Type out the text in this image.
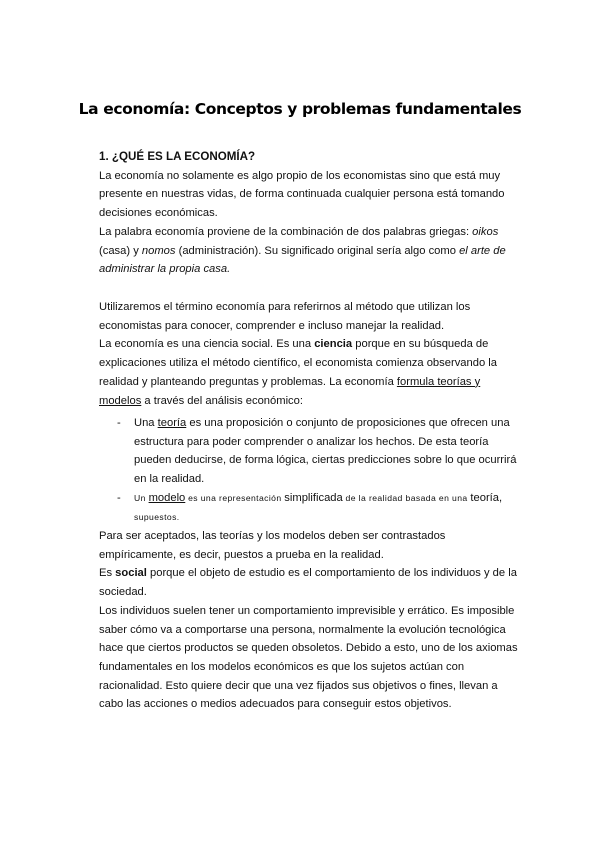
La economía: Conceptos y problemas fundamentales
1. ¿QUÉ ES LA ECONOMÍA?

La economía no solamente es algo propio de los economistas sino que está muy presente en nuestras vidas, de forma continuada cualquier persona está tomando decisiones económicas.

La palabra economía proviene de la combinación de dos palabras griegas: oikos (casa) y nomos (administración). Su significado original sería algo como el arte de administrar la propia casa.

Utilizaremos el término economía para referirnos al método que utilizan los economistas para conocer, comprender e incluso manejar la realidad.

La economía es una ciencia social. Es una ciencia porque en su búsqueda de explicaciones utiliza el método científico, el economista comienza observando la realidad y planteando preguntas y problemas. La economía formula teorías y modelos a través del análisis económico:

- Una teoría es una proposición o conjunto de proposiciones que ofrecen una estructura para poder comprender o analizar los hechos. De esta teoría pueden deducirse, de forma lógica, ciertas predicciones sobre lo que ocurrirá en la realidad.
- Un modelo es una representación simplificada de la realidad basada en una teoría, supuestos.

Para ser aceptados, las teorías y los modelos deben ser contrastados empíricamente, es decir, puestos a prueba en la realidad.

Es social porque el objeto de estudio es el comportamiento de los individuos y de la sociedad.

Los individuos suelen tener un comportamiento imprevisible y errático. Es imposible saber cómo va a comportarse una persona, normalmente la evolución tecnológica hace que ciertos productos se queden obsoletos. Debido a esto, uno de los axiomas fundamentales en los modelos económicos es que los sujetos actúan con racionalidad. Esto quiere decir que una vez fijados sus objetivos o fines, llevan a cabo las acciones o medios adecuados para conseguir estos objetivos.
